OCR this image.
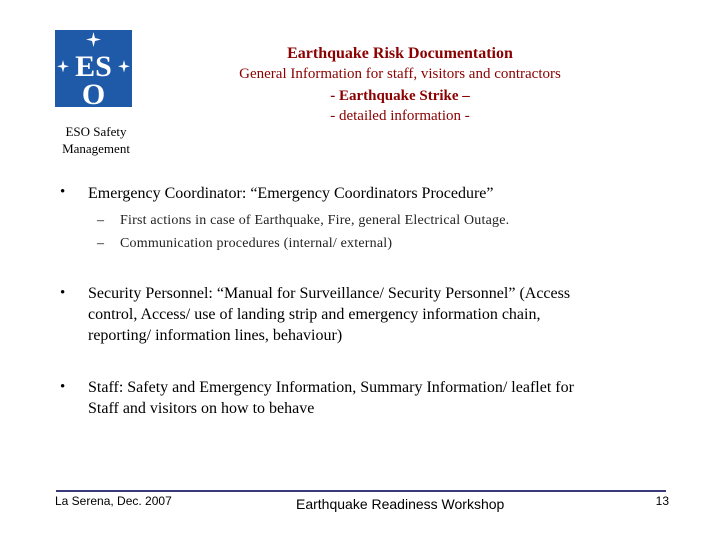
ES
O
ESO Safety
Management
Earthquake Risk Documentation
General Information for staff, visitors and contractors
- Earthquake Strike –
- detailed information -
• Emergency Coordinator: “Emergency Coordinators Procedure”
– First actions in case of Earthquake, Fire, general Electrical Outage.
– Communication procedures (internal/ external)
• Security Personnel: “Manual for Surveillance/ Security Personnel” (Access
control, Access/ use of landing strip and emergency information chain,
reporting/ information lines, behaviour)
• Staff: Safety and Emergency Information, Summary Information/ leaflet for
Staff and visitors on how to behave
La Serena, Dec. 2007	Earthquake Readiness Workshop	13
